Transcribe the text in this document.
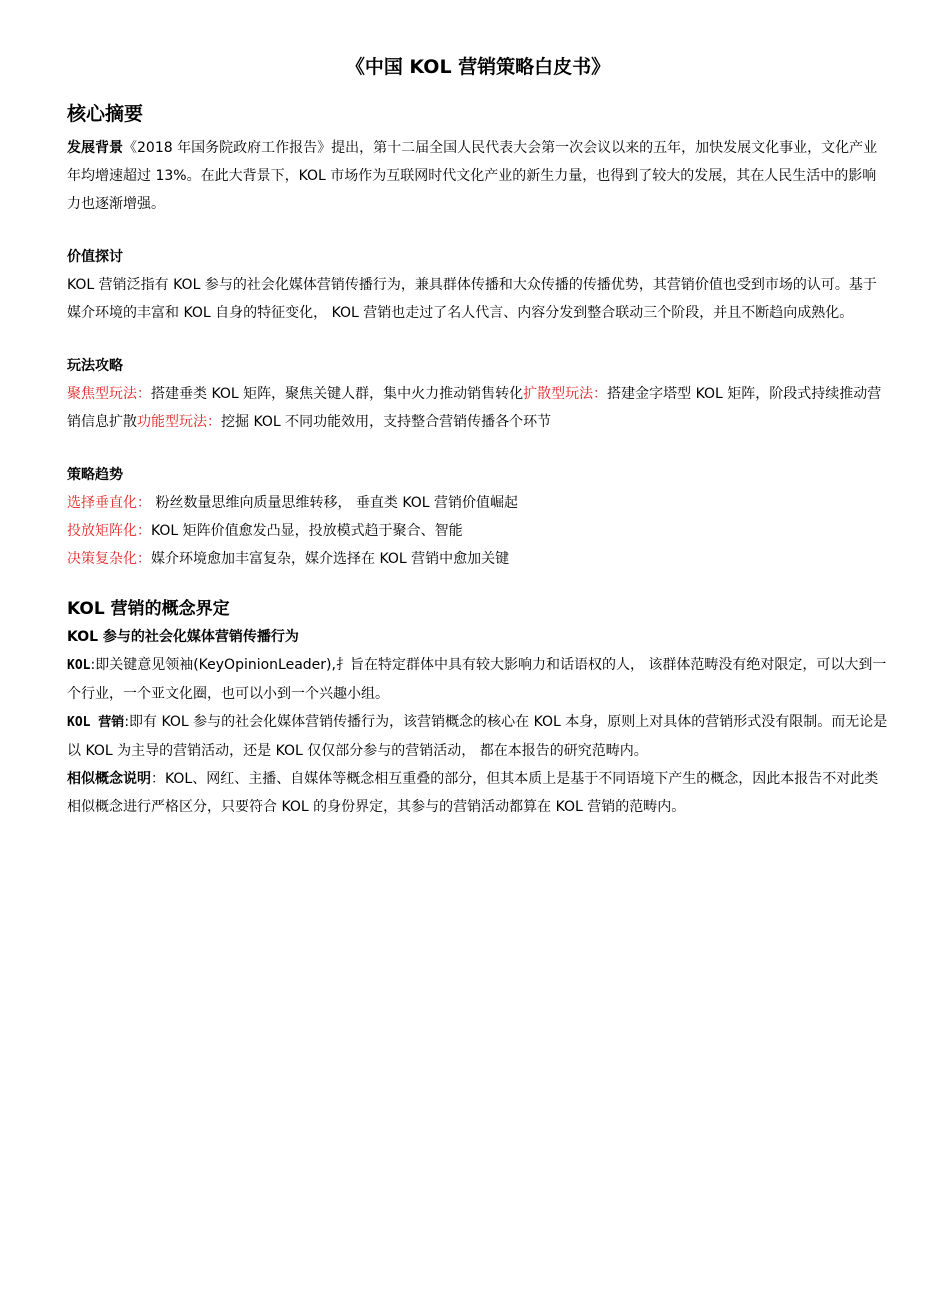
《中国 KOL 营销策略白皮书》
核心摘要

发展背景《2018 年国务院政府工作报告》提出，第十二届全国人民代表大会第一次会议以来的五年，加快发展文化事业，文化产业年均增速超过 13%。在此大背景下，KOL 市场作为互联网时代文化产业的新生力量，也得到了较大的发展，其在人民生活中的影响力也逐渐增强。

价值探讨

KOL 营销泛指有 KOL 参与的社会化媒体营销传播行为，兼具群体传播和大众传播的传播优势，其营销价值也受到市场的认可。基于媒介环境的丰富和 KOL 自身的特征变化， KOL 营销也走过了名人代言、内容分发到整合联动三个阶段，并且不断趋向成熟化。

玩法攻略

聚焦型玩法：搭建垂类 KOL 矩阵，聚焦关键人群，集中火力推动销售转化扩散型玩法：搭建金字塔型 KOL 矩阵，阶段式持续推动营销信息扩散功能型玩法：挖掘 KOL 不同功能效用，支持整合营销传播各个环节

策略趋势

选择垂直化： 粉丝数量思维向质量思维转移， 垂直类 KOL 营销价值崛起

投放矩阵化：KOL 矩阵价值愈发凸显，投放模式趋于聚合、智能

决策复杂化：媒介环境愈加丰富复杂，媒介选择在 KOL 营销中愈加关键

KOL 营销的概念界定
KOL 参与的社会化媒体营销传播行为

KOL:即关键意见领袖(KeyOpinionLeader),扌旨在特定群体中具有较大影响力和话语权的人， 该群体范畴没有绝对限定，可以大到一个行业，一个亚文化圈，也可以小到一个兴趣小组。

KOL 营销:即有 KOL 参与的社会化媒体营销传播行为，该营销概念的核心在 KOL 本身，原则上对具体的营销形式没有限制。而无论是以 KOL 为主导的营销活动，还是 KOL 仅仅部分参与的营销活动， 都在本报告的研究范畴内。

相似概念说明：KOL、网红、主播、自媒体等概念相互重叠的部分，但其本质上是基于不同语境下产生的概念，因此本报告不对此类相似概念进行严格区分，只要符合 KOL 的身份界定，其参与的营销活动都算在 KOL 营销的范畴内。
